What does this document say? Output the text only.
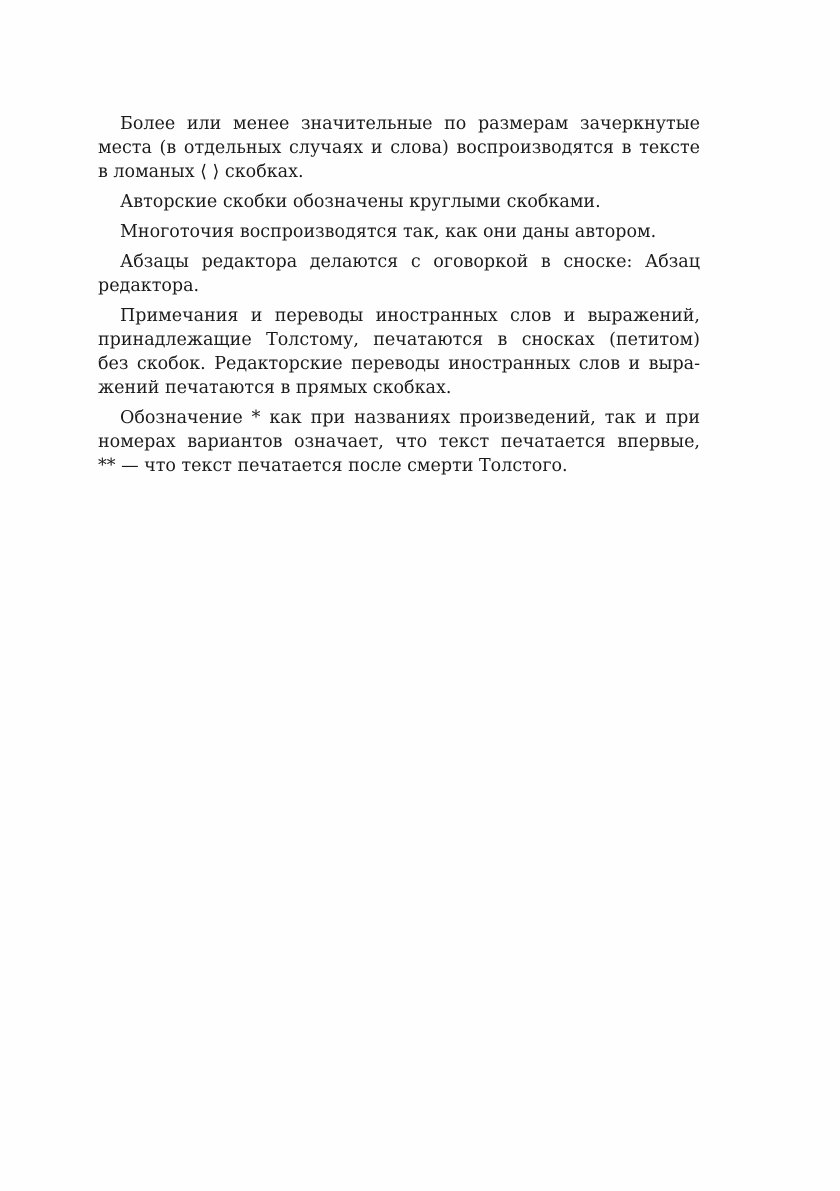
Более или менее значительные по размерам зачеркнутые
места (в отдельных случаях и слова) воспроизводятся в тексте
в ломаных ⟨ ⟩ скобках.

Авторские скобки обозначены круглыми скобками.

Многоточия воспроизводятся так, как они даны автором.

Абзацы редактора делаются с оговоркой в сноске: Абзац
редактора.

Примечания и переводы иностранных слов и выражений,
принадлежащие Толстому, печатаются в сносках (петитом)
без скобок. Редакторские переводы иностранных слов и выра-
жений печатаются в прямых скобках.

Обозначение * как при названиях произведений, так и при
номерах вариантов означает, что текст печатается впервые,
** — что текст печатается после смерти Толстого.
